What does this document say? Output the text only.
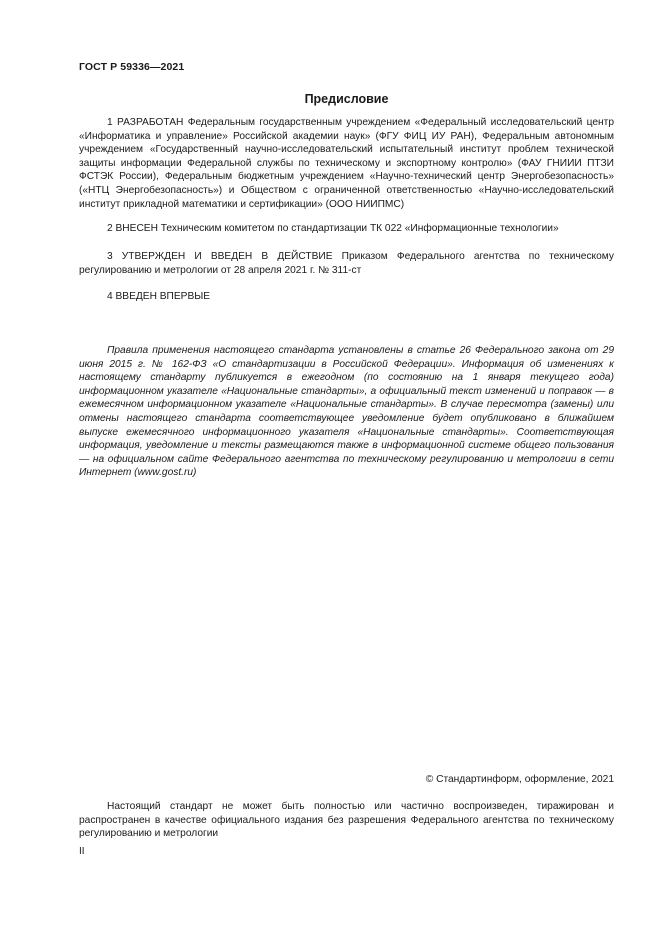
ГОСТ Р 59336—2021
Предисловие

1 РАЗРАБОТАН Федеральным государственным учреждением «Федеральный исследовательский центр «Информатика и управление» Российской академии наук» (ФГУ ФИЦ ИУ РАН), Федеральным автономным учреждением «Государственный научно-исследовательский испытательный институт проблем технической защиты информации Федеральной службы по техническому и экспортному контролю» (ФАУ ГНИИИ ПТЗИ ФСТЭК России), Федеральным бюджетным учреждением «Научно-технический центр Энергобезопасность» («НТЦ Энергобезопасность») и Обществом с ограниченной ответственностью «Научно-исследовательский институт прикладной математики и сертификации» (ООО НИИПМС)

2 ВНЕСЕН Техническим комитетом по стандартизации ТК 022 «Информационные технологии»

3 УТВЕРЖДЕН И ВВЕДЕН В ДЕЙСТВИЕ Приказом Федерального агентства по техническому регулированию и метрологии от 28 апреля 2021 г. № 311-ст

4 ВВЕДЕН ВПЕРВЫЕ

Правила применения настоящего стандарта установлены в статье 26 Федерального закона от 29 июня 2015 г. № 162-ФЗ «О стандартизации в Российской Федерации». Информация об изменениях к настоящему стандарту публикуется в ежегодном (по состоянию на 1 января текущего года) информационном указателе «Национальные стандарты», а официальный текст изменений и поправок — в ежемесячном информационном указателе «Национальные стандарты». В случае пересмотра (замены) или отмены настоящего стандарта соответствующее уведомление будет опубликовано в ближайшем выпуске ежемесячного информационного указателя «Национальные стандарты». Соответствующая информация, уведомление и тексты размещаются также в информационной системе общего пользования — на официальном сайте Федерального агентства по техническому регулированию и метрологии в сети Интернет (www.gost.ru)

© Стандартинформ, оформление, 2021

Настоящий стандарт не может быть полностью или частично воспроизведен, тиражирован и распространен в качестве официального издания без разрешения Федерального агентства по техническому регулированию и метрологии

II
